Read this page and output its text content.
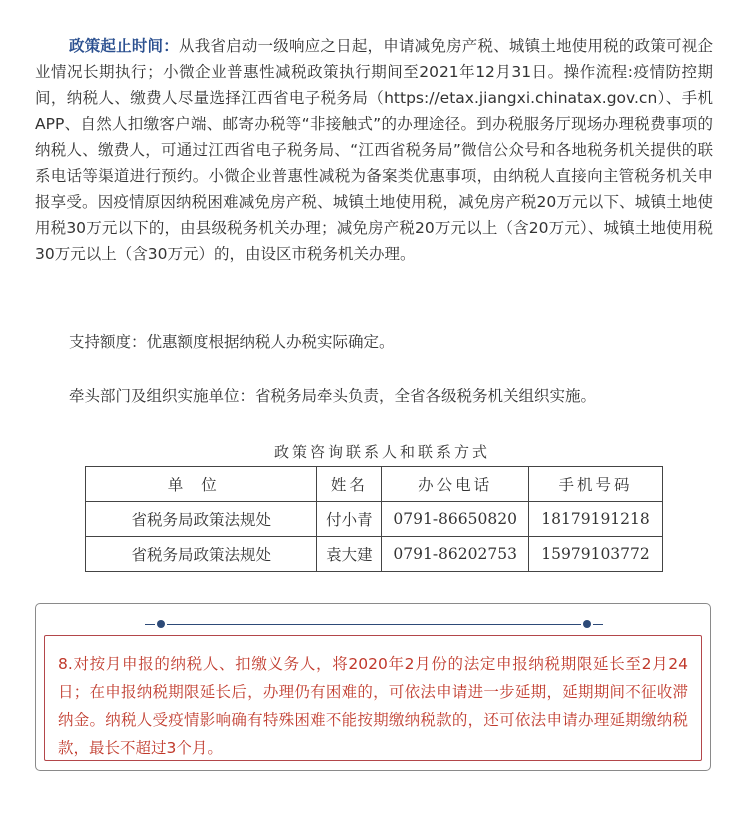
政策起止时间：从我省启动一级响应之日起，申请减免房产税、城镇土地使用税的政策可视企业情况长期执行；小微企业普惠性减税政策执行期间至2021年12月31日。操作流程:疫情防控期间，纳税人、缴费人尽量选择江西省电子税务局（https://etax.jiangxi.chinatax.gov.cn）、手机APP、自然人扣缴客户端、邮寄办税等“非接触式”的办理途径。到办税服务厅现场办理税费事项的纳税人、缴费人，可通过江西省电子税务局、“江西省税务局”微信公众号和各地税务机关提供的联系电话等渠道进行预约。小微企业普惠性减税为备案类优惠事项，由纳税人直接向主管税务机关申报享受。因疫情原因纳税困难减免房产税、城镇土地使用税，减免房产税20万元以下、城镇土地使用税30万元以下的，由县级税务机关办理；减免房产税20万元以上（含20万元）、城镇土地使用税30万元以上（含30万元）的，由设区市税务机关办理。

支持额度：优惠额度根据纳税人办税实际确定。

牵头部门及组织实施单位：省税务局牵头负责，全省各级税务机关组织实施。

政策咨询联系人和联系方式
单位	姓名	办公电话	手机号码
省税务局政策法规处	付小青	0791-86650820	18179191218
省税务局政策法规处	袁大建	0791-86202753	15979103772

8.对按月申报的纳税人、扣缴义务人，将2020年2月份的法定申报纳税期限延长至2月24日；在申报纳税期限延长后，办理仍有困难的，可依法申请进一步延期，延期期间不征收滞纳金。纳税人受疫情影响确有特殊困难不能按期缴纳税款的，还可依法申请办理延期缴纳税款，最长不超过3个月。
